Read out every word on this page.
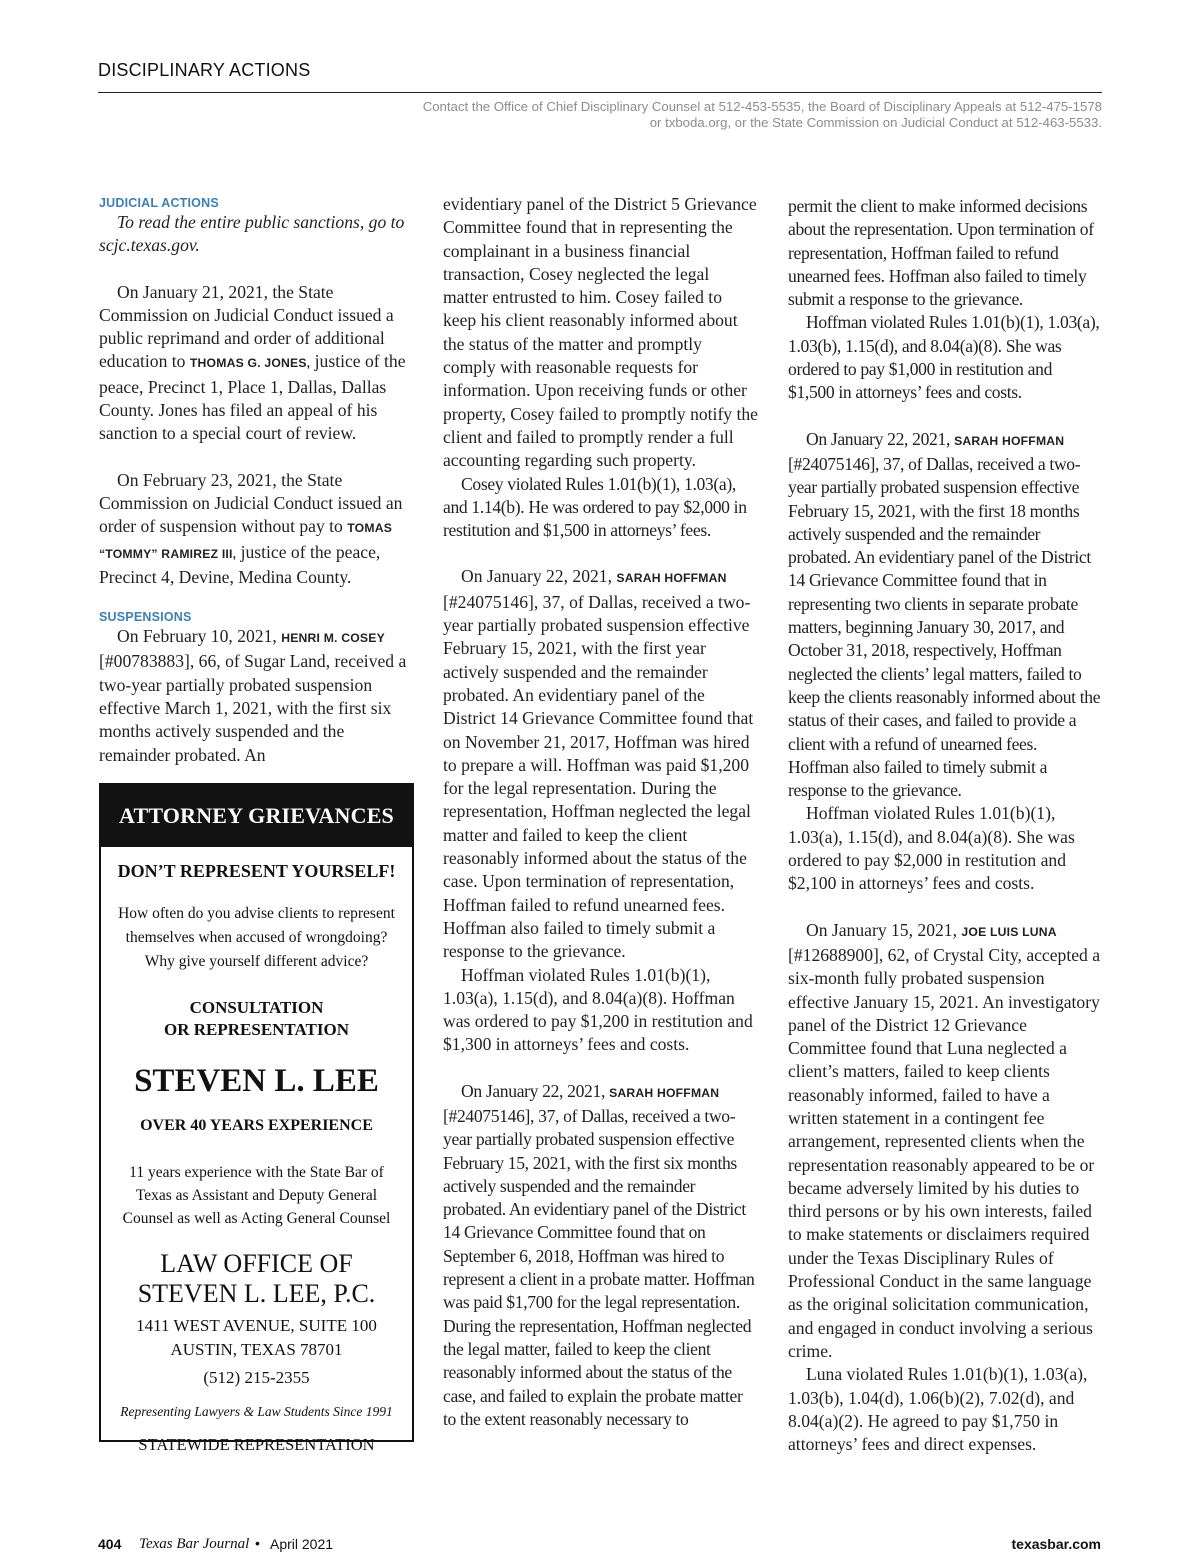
DISCIPLINARY ACTIONS
Contact the Office of Chief Disciplinary Counsel at 512-453-5535, the Board of Disciplinary Appeals at 512-475-1578
or txboda.org, or the State Commission on Judicial Conduct at 512-463-5533.
JUDICIAL ACTIONS

To read the entire public sanctions, go to scjc.texas.gov.

On January 21, 2021, the State Commission on Judicial Conduct issued a public reprimand and order of additional education to THOMAS G. JONES, justice of the peace, Precinct 1, Place 1, Dallas, Dallas County. Jones has filed an appeal of his sanction to a special court of review.

On February 23, 2021, the State Commission on Judicial Conduct issued an order of suspension without pay to TOMAS “TOMMY” RAMIREZ III, justice of the peace, Precinct 4, Devine, Medina County.

SUSPENSIONS

On February 10, 2021, HENRI M. COSEY [#00783883], 66, of Sugar Land, received a two-year partially probated suspension effective March 1, 2021, with the first six months actively suspended and the remainder probated. An

ATTORNEY GRIEVANCES
DON’T REPRESENT YOURSELF!
How often do you advise clients to represent
themselves when accused of wrongdoing?
Why give yourself different advice?
CONSULTATION
OR REPRESENTATION
STEVEN L. LEE
OVER 40 YEARS EXPERIENCE
11 years experience with the State Bar of
Texas as Assistant and Deputy General
Counsel as well as Acting General Counsel
LAW OFFICE OF
STEVEN L. LEE, P.C.
1411 WEST AVENUE, SUITE 100
AUSTIN, TEXAS 78701
(512) 215-2355
Representing Lawyers & Law Students Since 1991
STATEWIDE REPRESENTATION

evidentiary panel of the District 5 Grievance Committee found that in representing the complainant in a business financial transaction, Cosey neglected the legal matter entrusted to him. Cosey failed to keep his client reasonably informed about the status of the matter and promptly comply with reasonable requests for information. Upon receiving funds or other property, Cosey failed to promptly notify the client and failed to promptly render a full accounting regarding such property.

Cosey violated Rules 1.01(b)(1), 1.03(a), and 1.14(b). He was ordered to pay $2,000 in restitution and $1,500 in attorneys’ fees.

On January 22, 2021, SARAH HOFFMAN [#24075146], 37, of Dallas, received a two-year partially probated suspension effective February 15, 2021, with the first year actively suspended and the remainder probated. An evidentiary panel of the District 14 Grievance Committee found that on November 21, 2017, Hoffman was hired to prepare a will. Hoffman was paid $1,200 for the legal representation. During the representation, Hoffman neglected the legal matter and failed to keep the client reasonably informed about the status of the case. Upon termination of representation, Hoffman failed to refund unearned fees. Hoffman also failed to timely submit a response to the grievance.

Hoffman violated Rules 1.01(b)(1), 1.03(a), 1.15(d), and 8.04(a)(8). Hoffman was ordered to pay $1,200 in restitution and $1,300 in attorneys’ fees and costs.

On January 22, 2021, SARAH HOFFMAN [#24075146], 37, of Dallas, received a two-year partially probated suspension effective February 15, 2021, with the first six months actively suspended and the remainder probated. An evidentiary panel of the District 14 Grievance Committee found that on September 6, 2018, Hoffman was hired to represent a client in a probate matter. Hoffman was paid $1,700 for the legal representation. During the representation, Hoffman neglected the legal matter, failed to keep the client reasonably informed about the status of the case, and failed to explain the probate matter to the extent reasonably necessary to

permit the client to make informed decisions about the representation. Upon termination of representation, Hoffman failed to refund unearned fees. Hoffman also failed to timely submit a response to the grievance.

Hoffman violated Rules 1.01(b)(1), 1.03(a), 1.03(b), 1.15(d), and 8.04(a)(8). She was ordered to pay $1,000 in restitution and $1,500 in attorneys’ fees and costs.

On January 22, 2021, SARAH HOFFMAN [#24075146], 37, of Dallas, received a two-year partially probated suspension effective February 15, 2021, with the first 18 months actively suspended and the remainder probated. An evidentiary panel of the District 14 Grievance Committee found that in representing two clients in separate probate matters, beginning January 30, 2017, and October 31, 2018, respectively, Hoffman neglected the clients’ legal matters, failed to keep the clients reasonably informed about the status of their cases, and failed to provide a client with a refund of unearned fees. Hoffman also failed to timely submit a response to the grievance.

Hoffman violated Rules 1.01(b)(1), 1.03(a), 1.15(d), and 8.04(a)(8). She was ordered to pay $2,000 in restitution and $2,100 in attorneys’ fees and costs.

On January 15, 2021, JOE LUIS LUNA [#12688900], 62, of Crystal City, accepted a six-month fully probated suspension effective January 15, 2021. An investigatory panel of the District 12 Grievance Committee found that Luna neglected a client’s matters, failed to keep clients reasonably informed, failed to have a written statement in a contingent fee arrangement, represented clients when the representation reasonably appeared to be or became adversely limited by his duties to third persons or by his own interests, failed to make statements or disclaimers required under the Texas Disciplinary Rules of Professional Conduct in the same language as the original solicitation communication, and engaged in conduct involving a serious crime.

Luna violated Rules 1.01(b)(1), 1.03(a), 1.03(b), 1.04(d), 1.06(b)(2), 7.02(d), and 8.04(a)(2). He agreed to pay $1,750 in attorneys’ fees and direct expenses.

404 Texas Bar Journal • April 2021	texasbar.com
